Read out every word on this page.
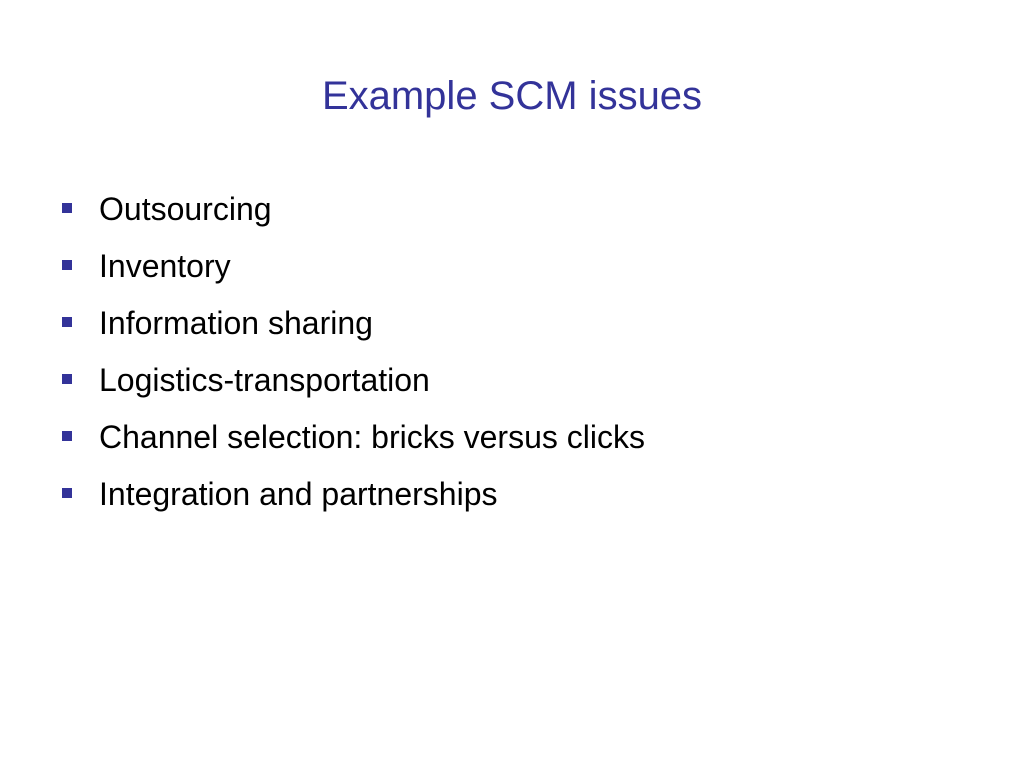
Example SCM issues
Outsourcing
Inventory
Information sharing
Logistics-transportation
Channel selection: bricks versus clicks
Integration and partnerships
